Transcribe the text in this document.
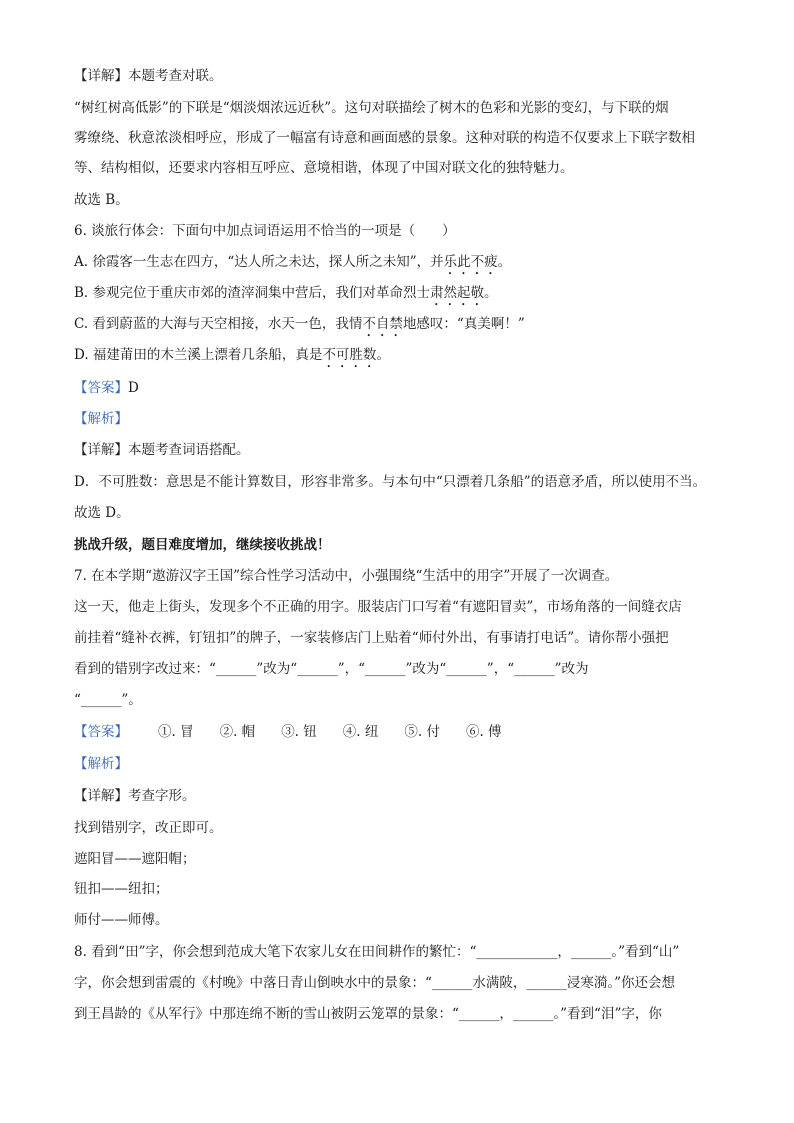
【详解】本题考查对联。
“树红树高低影”的下联是“烟淡烟浓远近秋”。这句对联描绘了树木的色彩和光影的变幻，与下联的烟
雾缭绕、秋意浓淡相呼应，形成了一幅富有诗意和画面感的景象。这种对联的构造不仅要求上下联字数相
等、结构相似，还要求内容相互呼应、意境相谐，体现了中国对联文化的独特魅力。
故选 B。
6. 谈旅行体会：下面句中加点词语运用不恰当的一项是（　　）
A. 徐霞客一生志在四方，“达人所之未达，探人所之未知”，并乐此不疲。
B. 参观完位于重庆市郊的渣滓洞集中营后，我们对革命烈士肃然起敬。
C. 看到蔚蓝的大海与天空相接，水天一色，我情不自禁地感叹：“真美啊！”
D. 福建莆田的木兰溪上漂着几条船，真是不可胜数。
【答案】D
【解析】
【详解】本题考查词语搭配。
D．不可胜数：意思是不能计算数目，形容非常多。与本句中“只漂着几条船”的语意矛盾，所以使用不当。
故选 D。
挑战升级，题目难度增加，继续接收挑战！
7. 在本学期“遨游汉字王国”综合性学习活动中，小强围绕“生活中的用字”开展了一次调查。
这一天，他走上街头，发现多个不正确的用字。服装店门口写着“有遮阳冒卖”，市场角落的一间缝衣店
前挂着“缝补衣裤，钉钮扣”的牌子，一家装修店门上贴着“师付外出，有事请打电话”。请你帮小强把
看到的错别字改过来：“______”改为“______”，“______”改为“______”，“______”改为
“______”。
【答案】 ①. 冒 ②. 帽 ③. 钮 ④. 纽 ⑤. 付 ⑥. 傅
【解析】
【详解】考查字形。
找到错别字，改正即可。
遮阳冒——遮阳帽；
钮扣——纽扣；
师付——师傅。
8. 看到“田”字，你会想到范成大笔下农家儿女在田间耕作的繁忙：“____________，______。”看到“山”
字，你会想到雷震的《村晚》中落日青山倒映水中的景象：“______水满陂，______浸寒漪。”你还会想
到王昌龄的《从军行》中那连绵不断的雪山被阴云笼罩的景象：“______，______。”看到“泪”字，你
